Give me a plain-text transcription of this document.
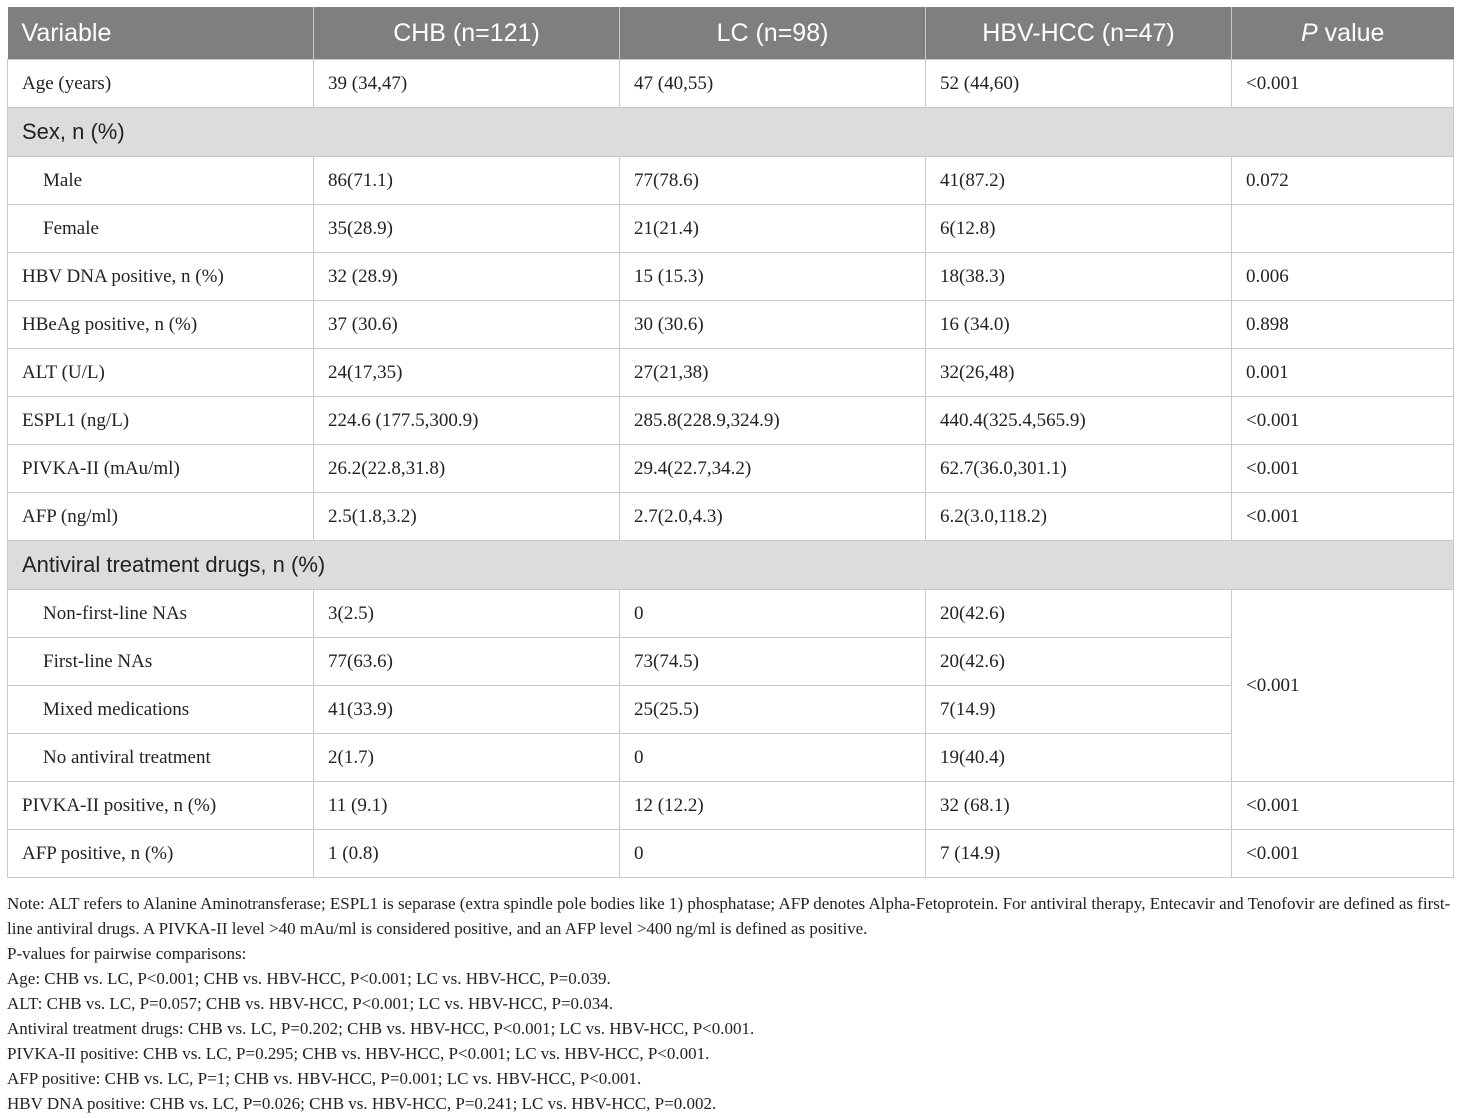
Variable	CHB (n=121)	LC (n=98)	HBV-HCC (n=47)	P value
Age (years)	39 (34,47)	47 (40,55)	52 (44,60)	<0.001
Sex, n (%)				
Male	86(71.1)	77(78.6)	41(87.2)	0.072
Female	35(28.9)	21(21.4)	6(12.8)	
HBV DNA positive, n (%)	32 (28.9)	15 (15.3)	18(38.3)	0.006
HBeAg positive, n (%)	37 (30.6)	30 (30.6)	16 (34.0)	0.898
ALT (U/L)	24(17,35)	27(21,38)	32(26,48)	0.001
ESPL1 (ng/L)	224.6 (177.5,300.9)	285.8(228.9,324.9)	440.4(325.4,565.9)	<0.001
PIVKA-II (mAu/ml)	26.2(22.8,31.8)	29.4(22.7,34.2)	62.7(36.0,301.1)	<0.001
AFP (ng/ml)	2.5(1.8,3.2)	2.7(2.0,4.3)	6.2(3.0,118.2)	<0.001
Antiviral treatment drugs, n (%)				
Non-first-line NAs	3(2.5)	0	20(42.6)	<0.001
First-line NAs	77(63.6)	73(74.5)	20(42.6)	
Mixed medications	41(33.9)	25(25.5)	7(14.9)	
No antiviral treatment	2(1.7)	0	19(40.4)	
PIVKA-II positive, n (%)	11 (9.1)	12 (12.2)	32 (68.1)	<0.001
AFP positive, n (%)	1 (0.8)	0	7 (14.9)	<0.001

Note: ALT refers to Alanine Aminotransferase; ESPL1 is separase (extra spindle pole bodies like 1) phosphatase; AFP denotes Alpha-Fetoprotein. For antiviral therapy, Entecavir and Tenofovir are defined as first-line antiviral drugs. A PIVKA-II level >40 mAu/ml is considered positive, and an AFP level >400 ng/ml is defined as positive.

P-values for pairwise comparisons:

Age: CHB vs. LC, P<0.001; CHB vs. HBV-HCC, P<0.001; LC vs. HBV-HCC, P=0.039.

ALT: CHB vs. LC, P=0.057; CHB vs. HBV-HCC, P<0.001; LC vs. HBV-HCC, P=0.034.

Antiviral treatment drugs: CHB vs. LC, P=0.202; CHB vs. HBV-HCC, P<0.001; LC vs. HBV-HCC, P<0.001.

PIVKA-II positive: CHB vs. LC, P=0.295; CHB vs. HBV-HCC, P<0.001; LC vs. HBV-HCC, P<0.001.

AFP positive: CHB vs. LC, P=1; CHB vs. HBV-HCC, P=0.001; LC vs. HBV-HCC, P<0.001.

HBV DNA positive: CHB vs. LC, P=0.026; CHB vs. HBV-HCC, P=0.241; LC vs. HBV-HCC, P=0.002.
